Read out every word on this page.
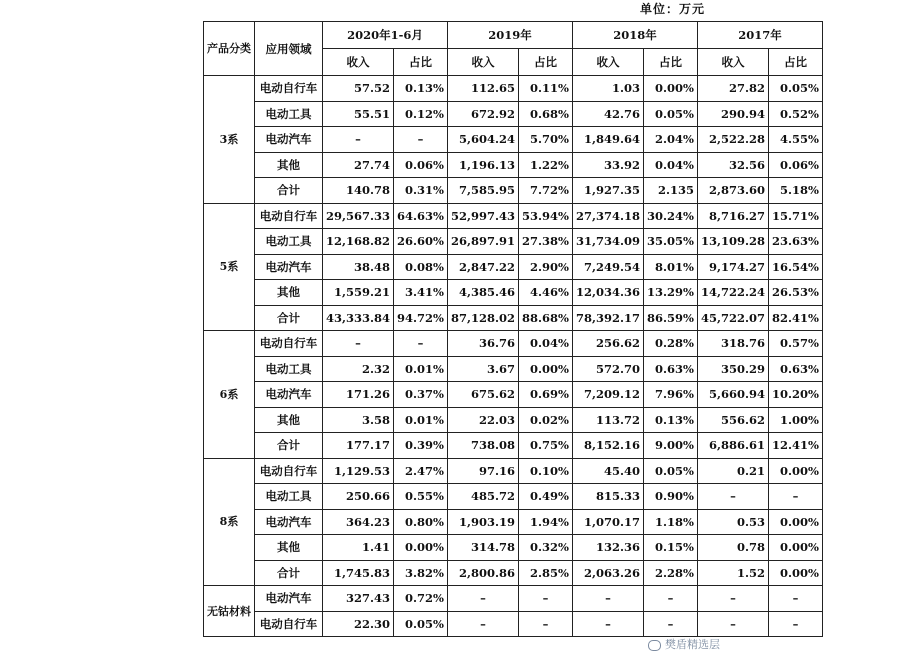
单位：万元
产品分类	应用领域	2020年1-6月		2019年		2018年		2017年	
		收入	占比	收入	占比	收入	占比	收入	占比
3系	电动自行车	57.52	0.13%	112.65	0.11%	1.03	0.00%	27.82	0.05%
	电动工具	55.51	0.12%	672.92	0.68%	42.76	0.05%	290.94	0.52%
	电动汽车	–	–	5,604.24	5.70%	1,849.64	2.04%	2,522.28	4.55%
	其他	27.74	0.06%	1,196.13	1.22%	33.92	0.04%	32.56	0.06%
	合计	140.78	0.31%	7,585.95	7.72%	1,927.35	2.135	2,873.60	5.18%
5系	电动自行车	29,567.33	64.63%	52,997.43	53.94%	27,374.18	30.24%	8,716.27	15.71%
	电动工具	12,168.82	26.60%	26,897.91	27.38%	31,734.09	35.05%	13,109.28	23.63%
	电动汽车	38.48	0.08%	2,847.22	2.90%	7,249.54	8.01%	9,174.27	16.54%
	其他	1,559.21	3.41%	4,385.46	4.46%	12,034.36	13.29%	14,722.24	26.53%
	合计	43,333.84	94.72%	87,128.02	88.68%	78,392.17	86.59%	45,722.07	82.41%
6系	电动自行车	–	–	36.76	0.04%	256.62	0.28%	318.76	0.57%
	电动工具	2.32	0.01%	3.67	0.00%	572.70	0.63%	350.29	0.63%
	电动汽车	171.26	0.37%	675.62	0.69%	7,209.12	7.96%	5,660.94	10.20%
	其他	3.58	0.01%	22.03	0.02%	113.72	0.13%	556.62	1.00%
	合计	177.17	0.39%	738.08	0.75%	8,152.16	9.00%	6,886.61	12.41%
8系	电动自行车	1,129.53	2.47%	97.16	0.10%	45.40	0.05%	0.21	0.00%
	电动工具	250.66	0.55%	485.72	0.49%	815.33	0.90%	–	–
	电动汽车	364.23	0.80%	1,903.19	1.94%	1,070.17	1.18%	0.53	0.00%
	其他	1.41	0.00%	314.78	0.32%	132.36	0.15%	0.78	0.00%
	合计	1,745.83	3.82%	2,800.86	2.85%	2,063.26	2.28%	1.52	0.00%
无钴材料	电动汽车	327.43	0.72%	–	–	–	–	–	–
	电动自行车	22.30	0.05%	–	–	–	–	–	–
樊盾精选层
